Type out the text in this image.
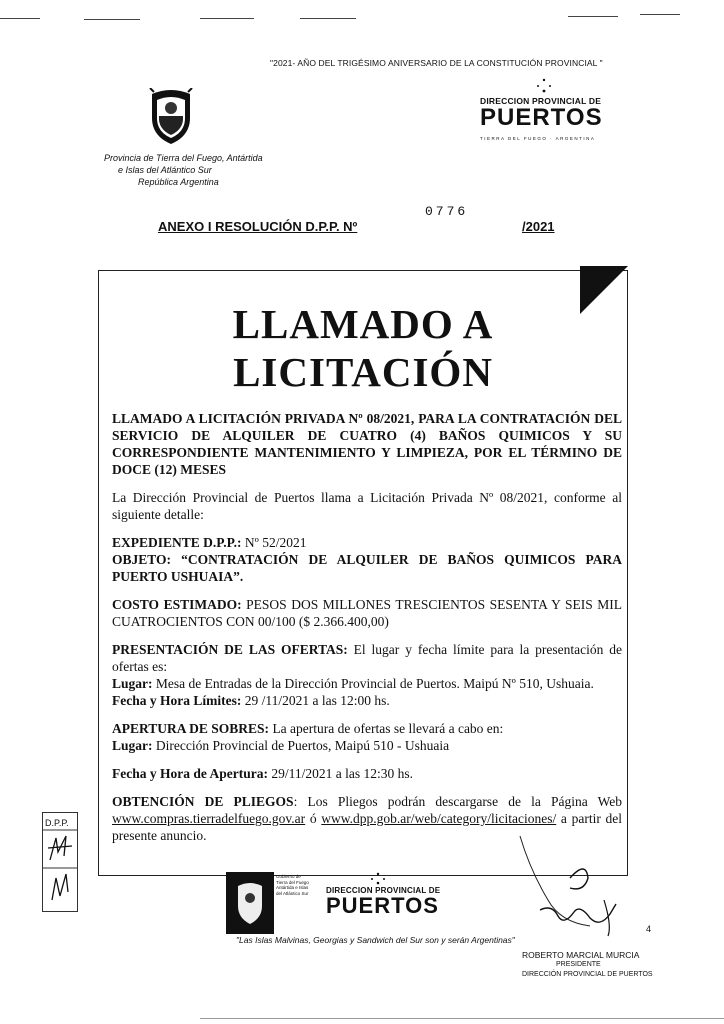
"2021- AÑO DEL TRIGÉSIMO ANIVERSARIO DE LA CONSTITUCIÓN PROVINCIAL "
Provincia de Tierra del Fuego, Antártida
e Islas del Atlántico Sur
República Argentina
DIRECCION PROVINCIAL DE
PUERTOS
TIERRA DEL FUEGO · ARGENTINA
ANEXO I RESOLUCIÓN D.P.P. Nº
0776
/2021
LLAMADO A
LICITACIÓN
LLAMADO A LICITACIÓN PRIVADA Nº 08/2021, PARA LA CONTRATACIÓN DEL SERVICIO DE ALQUILER DE CUATRO (4) BAÑOS QUIMICOS Y SU CORRESPONDIENTE MANTENIMIENTO Y LIMPIEZA, POR EL TÉRMINO DE DOCE (12) MESES
La Dirección Provincial de Puertos llama a Licitación Privada Nº 08/2021, conforme al siguiente detalle:
EXPEDIENTE D.P.P.: Nº 52/2021
OBJETO: “CONTRATACIÓN DE ALQUILER DE BAÑOS QUIMICOS PARA PUERTO USHUAIA”.
COSTO ESTIMADO: PESOS DOS MILLONES TRESCIENTOS SESENTA Y SEIS MIL CUATROCIENTOS CON 00/100 ($ 2.366.400,00)
PRESENTACIÓN DE LAS OFERTAS: El lugar y fecha límite para la presentación de ofertas es:
Lugar: Mesa de Entradas de la Dirección Provincial de Puertos. Maipú Nº 510, Ushuaia.
Fecha y Hora Límites: 29 /11/2021 a las 12:00 hs.
APERTURA DE SOBRES: La apertura de ofertas se llevará a cabo en:
Lugar: Dirección Provincial de Puertos, Maipú 510 - Ushuaia
Fecha y Hora de Apertura: 29/11/2021 a las 12:30 hs.
OBTENCIÓN DE PLIEGOS: Los Pliegos podrán descargarse de la Página Web www.compras.tierradelfuego.gov.ar ó www.dpp.gob.ar/web/category/licitaciones/ a partir del presente anuncio.
D.P.P.
Gobierno de
Tierra del Fuego
Antártida e Islas
del Atlántico Sur DIRECCION PROVINCIAL DE
PUERTOS
"Las Islas Malvinas, Georgias y Sandwich del Sur son y serán Argentinas"
4
ROBERTO MARCIAL MURCIA
PRESIDENTE
DIRECCIÓN PROVINCIAL DE PUERTOS
